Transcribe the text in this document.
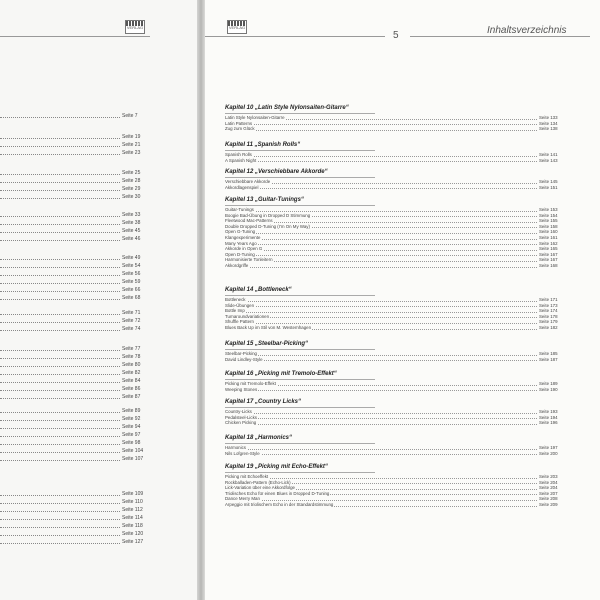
VERLAG
Seite 7
Seite 19
Seite 21
Seite 23
Seite 25
Seite 28
Seite 29
Seite 30
Seite 33
Seite 38
Seite 45
Seite 46
Seite 49
Seite 54
Seite 56
Seite 59
Seite 66
Seite 68
Seite 71
Seite 72
Seite 74
Seite 77
Seite 78
Seite 80
Seite 82
Seite 84
Seite 86
Seite 87
Seite 89
Seite 92
Seite 94
Seite 97
Seite 98
Seite 104
Seite 107
Seite 109
Seite 110
Seite 112
Seite 114
Seite 118
Seite 120
Seite 127
VERLAG
5	Inhaltsverzeichnis
Kapitel 10 „Latin Style Nylonsaiten-Gitarre“
Latin Style Nylonsaiten-Gitarre	Seite 133
Latin Patterns	Seite 134
Zug zum Glück	Seite 138
Kapitel 11 „Spanish Rolls“
Spanish Rolls	Seite 141
A Spanish Night	Seite 143
Kapitel 12 „Verschiebbare Akkorde“
Verschiebbare Akkorde	Seite 145
Akkordlagenspiel	Seite 151
Kapitel 13 „Guitar-Tunings“
Guitar-Tunings	Seite 153
Boogie Bad-Übung in Dropped D Stimmung	Seite 154
Fleetwood Mac-Patterns	Seite 155
Double Dropped D-Tuning (I'm On My Way)	Seite 158
Open G-Tuning	Seite 160
Klangexperimente	Seite 161
Many Years Ago	Seite 162
Akkorde in Open G	Seite 165
Open D-Tuning	Seite 167
Harmonisierte Tonleitern	Seite 167
Akkordgriffe	Seite 168
Kapitel 14 „Bottleneck“
Bottleneck	Seite 171
Slide-Übungen	Seite 173
Bottle Imp	Seite 174
Turnaroundvariationen	Seite 178
Shuffle Pattern	Seite 179
Blues Back Up im Stil von M. Westernhagen	Seite 182
Kapitel 15 „Steelbar-Picking“
Steelbar-Picking	Seite 185
David Lindley-Style	Seite 187
Kapitel 16 „Picking mit Tremolo-Effekt“
Picking mit Tremolo-Effekt	Seite 189
Weeping Stones	Seite 190
Kapitel 17 „Country Licks“
Country-Licks	Seite 193
Pedalsteel-Licks	Seite 194
Chicken Picking	Seite 196
Kapitel 18 „Harmonics“
Harmonics	Seite 197
Nils Lofgren-Style	Seite 200
Kapitel 19 „Picking mit Echo-Effekt“
Picking mit Echoeffekt	Seite 203
Rockballaden-Pattern (Echo-Lick)	Seite 204
Lick-Variation über eine Akkordfolge	Seite 204
Triolisches Echo für einen Blues in Dropped D-Tuning	Seite 207
Dance Merry Man	Seite 208
Arpeggio mit triolischem Echo in der Standardstimmung	Seite 209
